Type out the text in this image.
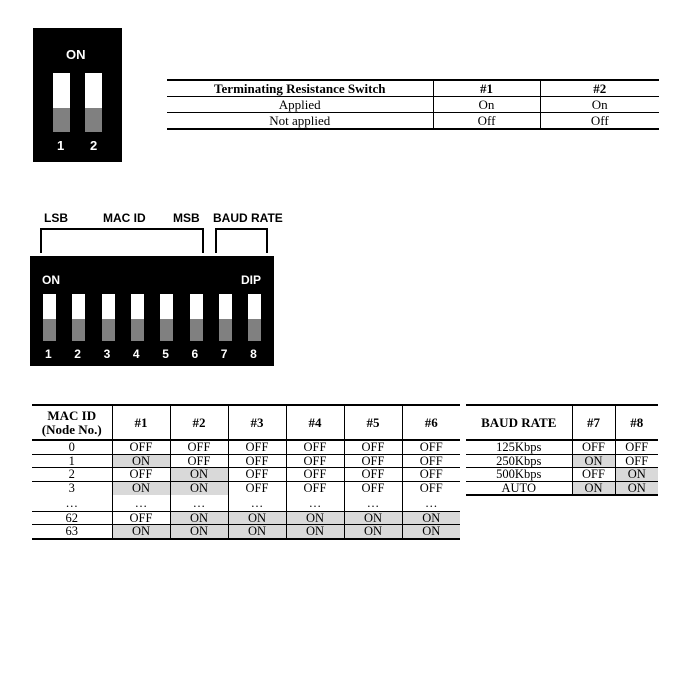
ON
1 2
Terminating Resistance Switch	#1	#2
Applied	On	On
Not applied	Off	Off
LSB	MAC ID MSB BAUD RATE
ON	DIP
1 2 3 4 5 6 7 8
MAC ID
(Node No.)	#1	#2	#3	#4	#5	#6		BAUD RATE	#7	#8
0	OFF	OFF	OFF	OFF	OFF	OFF		125Kbps	OFF	OFF
1	ON	OFF	OFF	OFF	OFF	OFF		250Kbps	ON	OFF
2	OFF	ON	OFF	OFF	OFF	OFF		500Kbps	OFF	ON
3	ON	ON	OFF	OFF	OFF	OFF		AUTO	ON	ON
…	…	…	…	…	…	…				
62	OFF	ON	ON	ON	ON	ON				
63	ON	ON	ON	ON	ON	ON				
